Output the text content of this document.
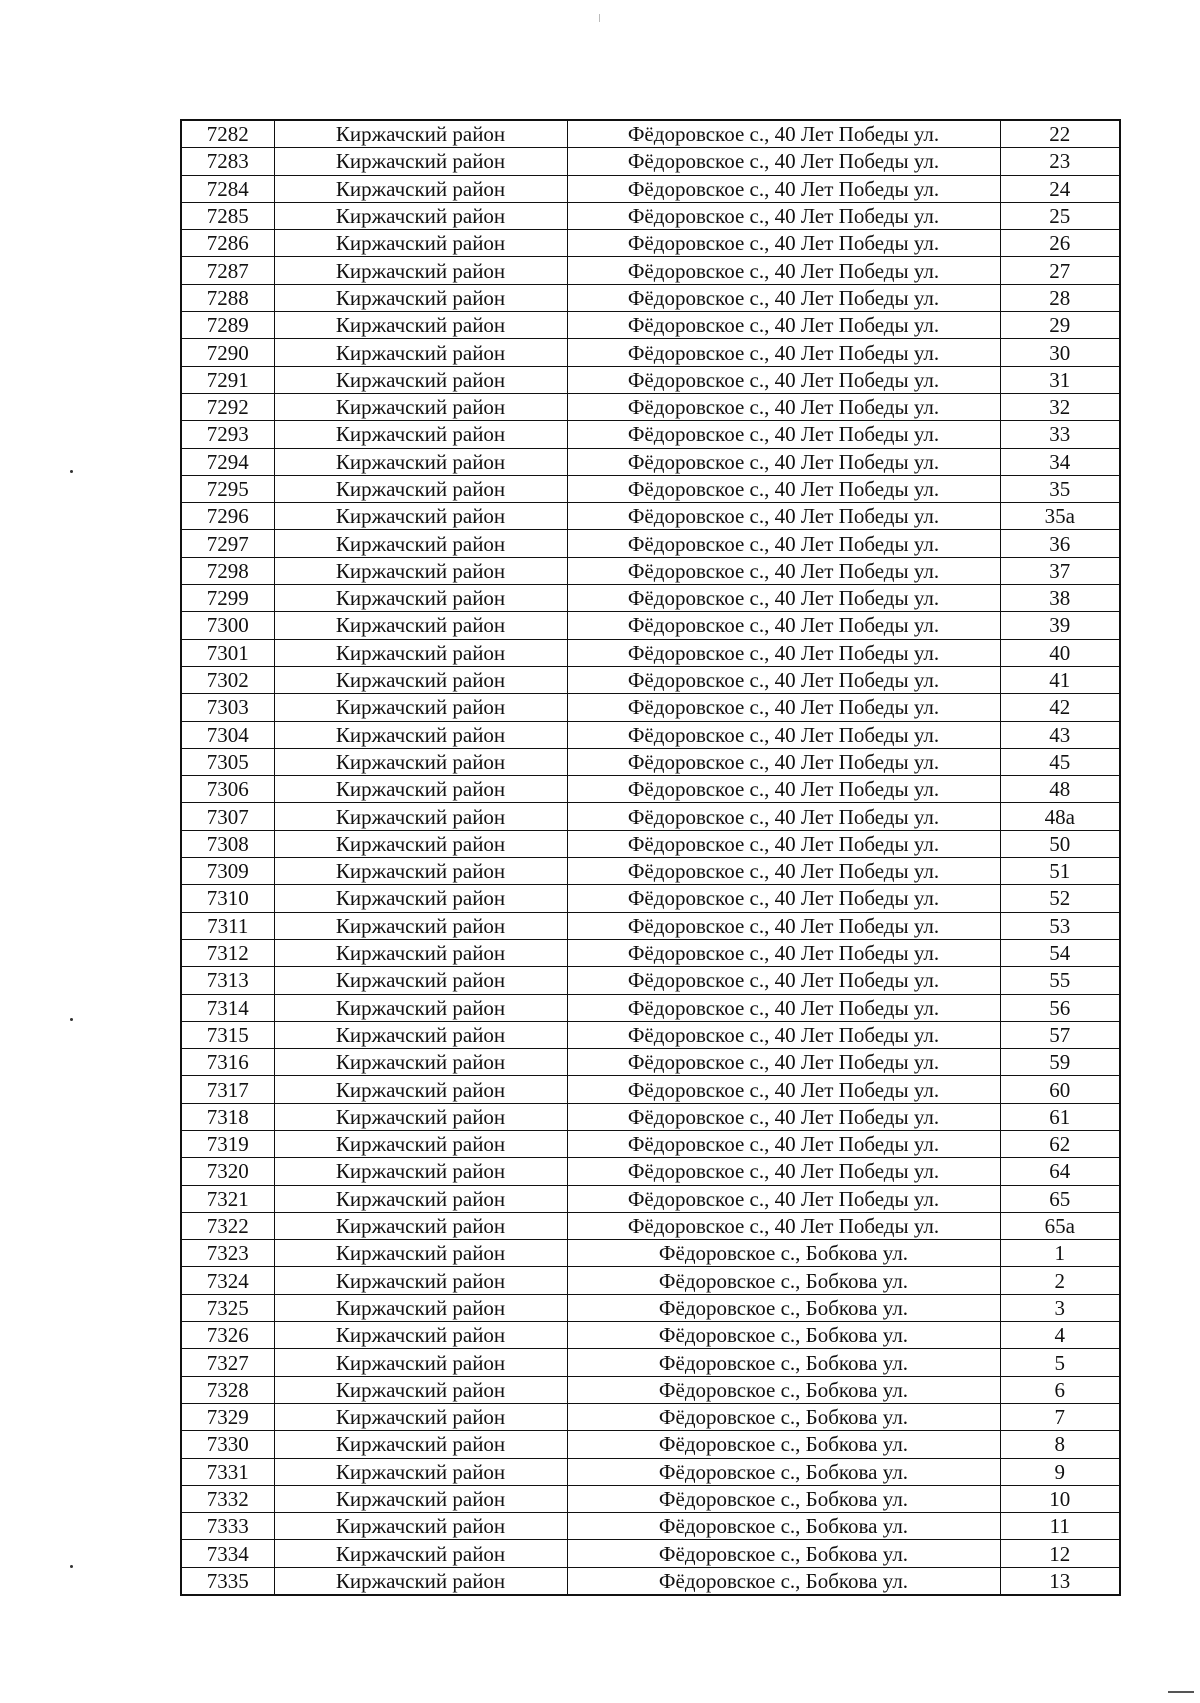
7282	Киржачский район	Фёдоровское с., 40 Лет Победы ул.	22
7283	Киржачский район	Фёдоровское с., 40 Лет Победы ул.	23
7284	Киржачский район	Фёдоровское с., 40 Лет Победы ул.	24
7285	Киржачский район	Фёдоровское с., 40 Лет Победы ул.	25
7286	Киржачский район	Фёдоровское с., 40 Лет Победы ул.	26
7287	Киржачский район	Фёдоровское с., 40 Лет Победы ул.	27
7288	Киржачский район	Фёдоровское с., 40 Лет Победы ул.	28
7289	Киржачский район	Фёдоровское с., 40 Лет Победы ул.	29
7290	Киржачский район	Фёдоровское с., 40 Лет Победы ул.	30
7291	Киржачский район	Фёдоровское с., 40 Лет Победы ул.	31
7292	Киржачский район	Фёдоровское с., 40 Лет Победы ул.	32
7293	Киржачский район	Фёдоровское с., 40 Лет Победы ул.	33
7294	Киржачский район	Фёдоровское с., 40 Лет Победы ул.	34
7295	Киржачский район	Фёдоровское с., 40 Лет Победы ул.	35
7296	Киржачский район	Фёдоровское с., 40 Лет Победы ул.	35а
7297	Киржачский район	Фёдоровское с., 40 Лет Победы ул.	36
7298	Киржачский район	Фёдоровское с., 40 Лет Победы ул.	37
7299	Киржачский район	Фёдоровское с., 40 Лет Победы ул.	38
7300	Киржачский район	Фёдоровское с., 40 Лет Победы ул.	39
7301	Киржачский район	Фёдоровское с., 40 Лет Победы ул.	40
7302	Киржачский район	Фёдоровское с., 40 Лет Победы ул.	41
7303	Киржачский район	Фёдоровское с., 40 Лет Победы ул.	42
7304	Киржачский район	Фёдоровское с., 40 Лет Победы ул.	43
7305	Киржачский район	Фёдоровское с., 40 Лет Победы ул.	45
7306	Киржачский район	Фёдоровское с., 40 Лет Победы ул.	48
7307	Киржачский район	Фёдоровское с., 40 Лет Победы ул.	48а
7308	Киржачский район	Фёдоровское с., 40 Лет Победы ул.	50
7309	Киржачский район	Фёдоровское с., 40 Лет Победы ул.	51
7310	Киржачский район	Фёдоровское с., 40 Лет Победы ул.	52
7311	Киржачский район	Фёдоровское с., 40 Лет Победы ул.	53
7312	Киржачский район	Фёдоровское с., 40 Лет Победы ул.	54
7313	Киржачский район	Фёдоровское с., 40 Лет Победы ул.	55
7314	Киржачский район	Фёдоровское с., 40 Лет Победы ул.	56
7315	Киржачский район	Фёдоровское с., 40 Лет Победы ул.	57
7316	Киржачский район	Фёдоровское с., 40 Лет Победы ул.	59
7317	Киржачский район	Фёдоровское с., 40 Лет Победы ул.	60
7318	Киржачский район	Фёдоровское с., 40 Лет Победы ул.	61
7319	Киржачский район	Фёдоровское с., 40 Лет Победы ул.	62
7320	Киржачский район	Фёдоровское с., 40 Лет Победы ул.	64
7321	Киржачский район	Фёдоровское с., 40 Лет Победы ул.	65
7322	Киржачский район	Фёдоровское с., 40 Лет Победы ул.	65а
7323	Киржачский район	Фёдоровское с., Бобкова ул.	1
7324	Киржачский район	Фёдоровское с., Бобкова ул.	2
7325	Киржачский район	Фёдоровское с., Бобкова ул.	3
7326	Киржачский район	Фёдоровское с., Бобкова ул.	4
7327	Киржачский район	Фёдоровское с., Бобкова ул.	5
7328	Киржачский район	Фёдоровское с., Бобкова ул.	6
7329	Киржачский район	Фёдоровское с., Бобкова ул.	7
7330	Киржачский район	Фёдоровское с., Бобкова ул.	8
7331	Киржачский район	Фёдоровское с., Бобкова ул.	9
7332	Киржачский район	Фёдоровское с., Бобкова ул.	10
7333	Киржачский район	Фёдоровское с., Бобкова ул.	11
7334	Киржачский район	Фёдоровское с., Бобкова ул.	12
7335	Киржачский район	Фёдоровское с., Бобкова ул.	13
